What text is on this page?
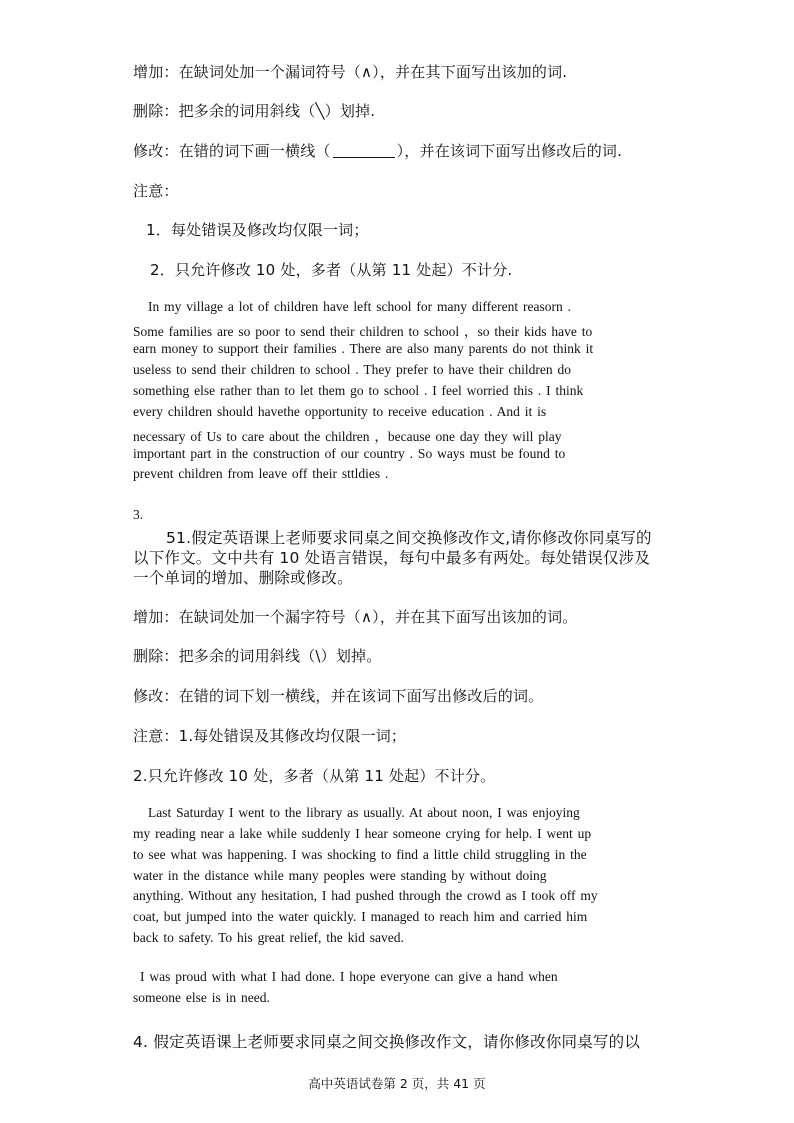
增加：在缺词处加一个漏词符号（∧），并在其下面写出该加的词.
删除：把多余的词用斜线（╲）划掉.
修改：在错的词下画一横线（	），并在该词下面写出修改后的词.
注意：
1．每处错误及修改均仅限一词；
2．只允许修改 10 处，多者（从第 11 处起）不计分.
In my village a lot of children have left school for many different reasorn .
Some families are so poor to send their children to school ，so their kids have to
earn money to support their families . There are also many parents do not think it
useless to send their children to school . They prefer to have their children do
something else rather than to let them go to school . I feel worried this . I think
every children should havethe opportunity to receive education . And it is
necessary of Us to care about the children ，because one day they will play
important part in the construction of our country . So ways must be found to
prevent children from leave off their sttldies .
3.
51.假定英语课上老师要求同桌之间交换修改作文,请你修改你同桌写的
以下作文。文中共有 10 处语言错误，每句中最多有两处。每处错误仅涉及
一个单词的增加、删除或修改。
增加：在缺词处加一个漏字符号（∧），并在其下面写出该加的词。
删除：把多余的词用斜线（\）划掉。
修改：在错的词下划一横线，并在该词下面写出修改后的词。
注意：1.每处错误及其修改均仅限一词；
2.只允许修改 10 处，多者（从第 11 处起）不计分。
Last Saturday I went to the library as usually. At about noon, I was enjoying
my reading near a lake while suddenly I hear someone crying for help. I went up
to see what was happening. I was shocking to find a little child struggling in the
water in the distance while many peoples were standing by without doing
anything. Without any hesitation, I had pushed through the crowd as I took off my
coat, but jumped into the water quickly. I managed to reach him and carried him
back to safety. To his great relief, the kid saved.
I was proud with what I had done. I hope everyone can give a hand when
someone else is in need.
4. 假定英语课上老师要求同桌之间交换修改作文，请你修改你同桌写的以
高中英语试卷第 2 页，共 41 页
